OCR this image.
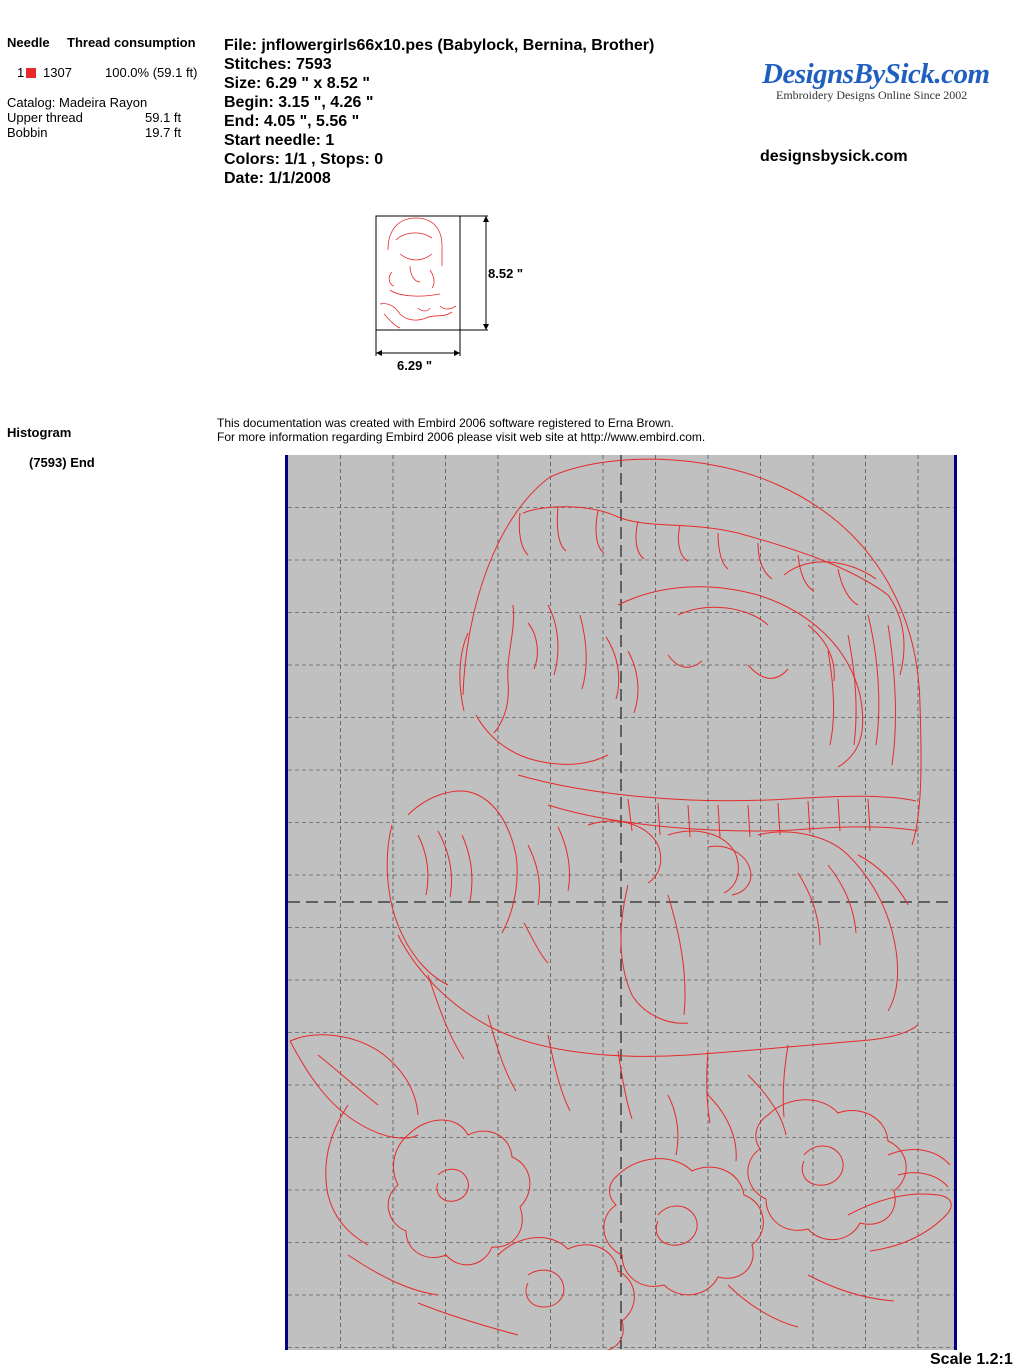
Needle Thread consumption
1	1307	100.0% (59.1 ft)
Catalog: Madeira Rayon
Upper thread	59.1 ft
Bobbin	19.7 ft
File: jnflowergirls66x10.pes (Babylock, Bernina, Brother)
Stitches: 7593
Size: 6.29 " x 8.52 "
Begin: 3.15 ", 4.26 "
End: 4.05 ", 5.56 "
Start needle: 1
Colors: 1/1 , Stops: 0
Date: 1/1/2008
DesignsBySick.com
Embroidery Designs Online Since 2002
designsbysick.com
8.52 "
6.29 "
Histogram
(7593) End
This documentation was created with Embird 2006 software registered to Erna Brown.
For more information regarding Embird 2006 please visit web site at http://www.embird.com.
Scale 1.2:1
